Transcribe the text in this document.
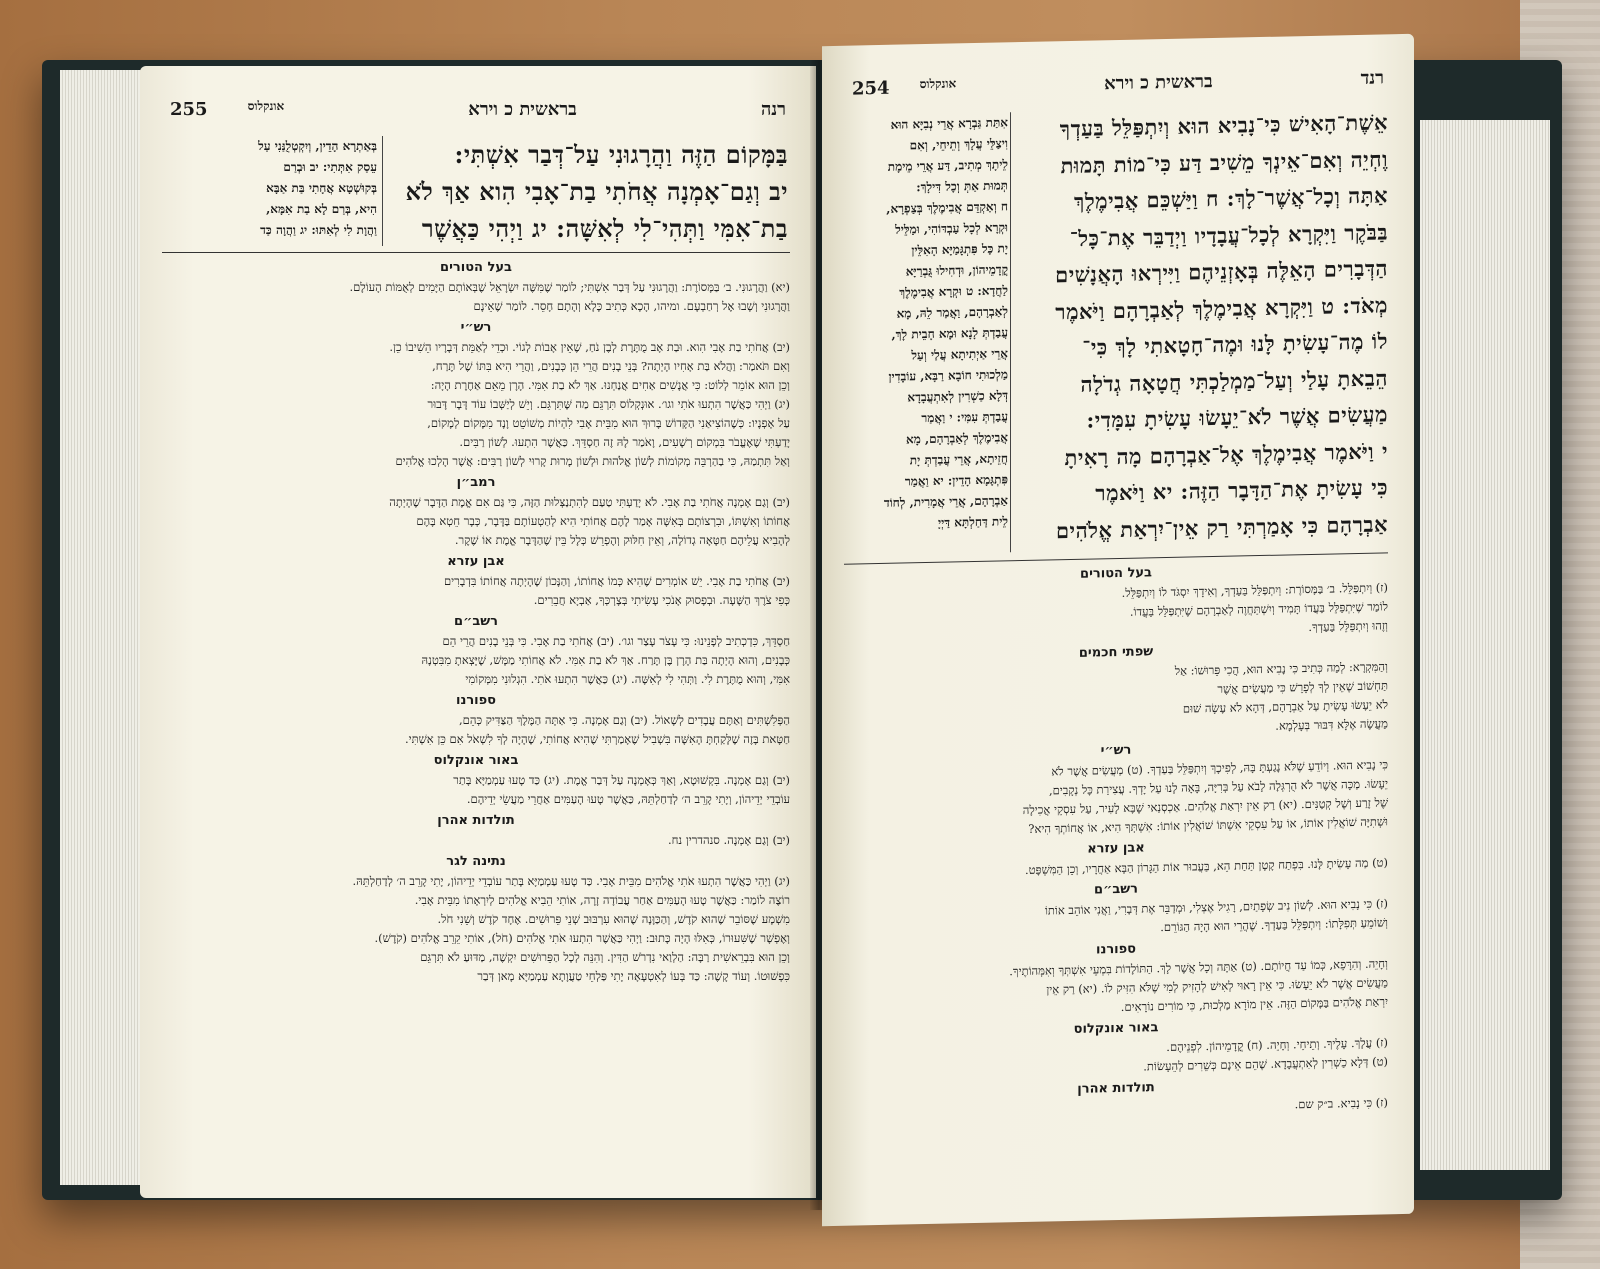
רנה
בראשית כ וירא
אונקלוס
255
בַּמָּקוֹם הַזֶּה וַהֲרָגוּנִי עַל־דְּבַר אִשְׁתִּי:
יב וְגַם־אָמְנָה אֲחֹתִי בַת־אָבִי הִוא אַךְ לֹא
בַת־אִמִּי וַתְּהִי־לִי לְאִשָּׁה: יג וַיְהִי כַּאֲשֶׁר
בְּאַתְרָא הָדֵין, וְיִקְטְלֻנַּנִי עַל
עֵסַק אִתְּתִי: יב וּבְרַם
בְּקוּשְׁטָא אֲחָתִי בַּת אַבָּא
הִיא, בְּרַם לָא בַת אִמָּא,
וַהֲוָת לִי לְאִתּוּ: יג וַהֲוָה כַּד
בעל הטורים
(יא) וַהֲרָגוּנִי. ב׳ בַּמָּסוֹרֶת: וַהֲרָגוּנִי עַל דְּבַר אִשְׁתִּי; לוֹמַר שֶׁמִּשֶּׁה יִשְׂרָאֵל שֶׁבְּאוֹתָם הַיָּמִים לְאֻמּוֹת הָעוֹלָם.
וַהֲרָגוּנִי וְשָׁבוּ אֶל רְחַבְעָם. ומיהו, הָכָא כְּתִיב כָּלָא וְהָתָם חָסֵר. לוֹמַר שֶׁאֵינָם
רש״י
(יב) אֲחֹתִי בַת אָבִי הִוא. וּבַת אָב מֻתֶּרֶת לְבֶן נֹחַ, שֶׁאֵין אָבוֹת לְגוֹי. וּכְדֵי לְאַמֵּת דְּבָרָיו הֵשִׁיבוֹ כֵן.
וְאִם תֹּאמַר: וַהֲלֹא בַּת אָחִיו הָיְתָה? בְּנֵי בָנִים הֲרֵי הֵן כְּבָנִים, וַהֲרֵי הִיא בִּתּוֹ שֶׁל תֶּרַח,
וְכֵן הוּא אוֹמֵר לְלוֹט: כִּי אֲנָשִׁים אַחִים אֲנַחְנוּ. אַךְ לֹא בַת אִמִּי. הָרָן מֵאֵם אַחֶרֶת הָיָה:
(יג) וַיְהִי כַּאֲשֶׁר הִתְעוּ אֹתִי וגו׳. אוּנְקְלוֹס תִּרְגֵּם מַה שֶּׁתִּרְגֵּם. וְיֵשׁ לְיַשְּׁבוֹ עוֹד דָּבָר דָּבוּר
עַל אָפְנָיו: כְּשֶׁהוֹצִיאַנִי הַקָּדוֹשׁ בָּרוּךְ הוּא מִבֵּית אָבִי לִהְיוֹת מְשׁוֹטֵט וָנָד מִמָּקוֹם לְמָקוֹם,
יָדַעְתִּי שֶׁאֶעֱבֹר בִּמְקוֹם רְשָׁעִים, וָאֹמַר לָהּ זֶה חַסְדֵּךְ. כַּאֲשֶׁר הִתְעוּ. לְשׁוֹן רַבִּים.
וְאַל תִּתְמַהּ, כִּי בַהַרְבֵּה מְקוֹמוֹת לְשׁוֹן אֱלֹהוּת וּלְשׁוֹן מָרוּת קָרוּי לְשׁוֹן רַבִּים: אֲשֶׁר הָלְכוּ אֱלֹהִים
רמב״ן
(יב) וְגַם אָמְנָה אֲחֹתִי בַת אָבִי. לֹא יָדַעְתִּי טַעַם לְהִתְנַצְּלוּת הַזֶּה, כִּי גַּם אִם אֱמֶת הַדָּבָר שֶׁהָיְתָה
אֲחוֹתוֹ וְאִשְׁתּוֹ, וּבִרְצוֹתָם בְּאִשָּׁה אָמַר לָהֶם אֲחוֹתִי הִיא לְהַטְעוֹתָם בַּדָּבָר, כְּבָר חֵטְא בָּהֶם
לְהָבִיא עֲלֵיהֶם חַטָּאָה גְדוֹלָה, וְאֵין חִלּוּק וְהֶפְרֵשׁ כְּלָל בֵּין שֶׁהַדָּבָר אֱמֶת אוֹ שֶׁקֶר.
אבן עזרא
(יב) אֲחֹתִי בַת אָבִי. יֵשׁ אוֹמְרִים שֶׁהִיא כְּמוֹ אֲחוֹתוֹ, וְהַנָּכוֹן שֶׁהָיְתָה אֲחוֹתוֹ בִּדְבָרִים
כְּפִי צֹרֶךְ הַשָּׁעָה. וּבְפָסוּק אָנֹכִי עָשִׂיתִי בְּצָרְכְּךָ, אַבְיָא חֲבֵרִים.
רשב״ם
חַסְדֵּךְ, כִּדְכְתִיב לְפָנֵינוּ: כִּי עָצֹר עָצַר וגו׳. (יב) אֲחֹתִי בַת אָבִי. כִּי בְּנֵי בָנִים הֲרֵי הֵם
כְּבָנִים, וְהוּא הָיְתָה בַּת הָרָן בֶּן תֶּרַח. אַךְ לֹא בַת אִמִּי. לֹא אֲחוֹתִי מַמָּשׁ, שֶׁיָּצְאתָ מִבִּטְנָהּ
אִמִּי, וְהוּא מֻתֶּרֶת לִי. וַתְּהִי לִי לְאִשָּׁה. (יג) כַּאֲשֶׁר הִתְעוּ אֹתִי. הִגְלוּנִי מִמְּקוֹמִי
ספורנו
הַפְּלִשְׁתִּים וְאַתֶּם עֲבָדִים לְשָׁאוֹל. (יב) וְגַם אָמְנָה. כִּי אַתָּה הַמֶּלֶךְ הַצַּדִּיק כְּהֵם,
חַטָּאת בָּזֶה שֶׁלָּקַחְתָּ הָאִשָּׁה בִּשְׁבִיל שֶׁאָמַרְתִּי שֶׁהִיא אֲחוֹתִי, שֶׁהָיָה לְךָ לִשְׁאֹל אִם כֵּן אִשְׁתִּי.
באור אונקלוס
(יב) וְגַם אָמְנָה. בִּקְשׁוּטָא, וְאַךְ כְּאָמְנָה עַל דְּבַר אֱמֶת. (יג) כַּד טָעוּ עַמְמַיָּא בָּתַר
עוֹבְדֵי יְדֵיהוֹן, וְיָתִי קָרֵב ה׳ לְדַחַלְתֵּהּ, כַּאֲשֶׁר טָעוּ הָעַמִּים אַחֲרֵי מַעֲשֵׂי יְדֵיהֶם.
תולדות אהרן
(יב) וְגַם אָמְנָה. סנהדרין נח.
נתינה לגר
(יג) וַיְהִי כַּאֲשֶׁר הִתְעוּ אֹתִי אֱלֹהִים מִבֵּית אָבִי. כַּד טָעוּ עַמְמַיָּא בָּתַר עוֹבְדֵי יְדֵיהוֹן, יָתִי קָרֵב ה׳ לְדַחַלְתֵּהּ.
רוֹצֶה לוֹמַר: כַּאֲשֶׁר טָעוּ הָעַמִּים אַחַר עֲבוֹדָה זָרָה, אוֹתִי הֵבִיא אֱלֹהִים לְיִרְאָתוֹ מִבֵּית אָבִי.
מִשְׁמָע שֶׁסּוֹבֵר שֶׁהוּא קֹדֶשׁ, וְהַכַּוָּנָה שֶׁהוּא עִרְבּוּב שְׁנֵי פֵּרוּשִׁים. אֶחָד קֹדֶשׁ וְשֵׁנִי חֹל.
וְאֶפְשָׁר שֶׁשִּׁעוּרוֹ, כְּאִלּוּ הָיָה כָּתוּב: וַיְהִי כַּאֲשֶׁר הִתְעוּ אֹתִי אֱלֹהִים (חֹל), אוֹתִי קֵרֵב אֱלֹהִים (קֹדֶשׁ).
וְכֵן הוּא בִּבְרֵאשִׁית רַבָּה: הַלְוַאי נִדְרֹשׁ הַדִּין. וְהִנֵּה לְכָל הַפֵּרוּשִׁים יִקְשֶׁה, מַדּוּעַ לֹא תִּרְגֵּם
כִּפְשׁוּטוֹ. וְעוֹד קָשֶׁה: כַּד בְּעוֹ לְאִטְעָאָה יָתִי פַּלְחֵי טַעֲוָתָא עַמְמַיָּא מָאן דְּבַר
רנד
בראשית כ וירא
אונקלוס
254
אֵשֶׁת־הָאִישׁ כִּי־נָבִיא הוּא וְיִתְפַּלֵּל בַּעַדְךָ
וֶחְיֵה וְאִם־אֵינְךָ מֵשִׁיב דַּע כִּי־מוֹת תָּמוּת
אַתָּה וְכָל־אֲשֶׁר־לָךְ: ח וַיַּשְׁכֵּם אֲבִימֶלֶךְ
בַּבֹּקֶר וַיִּקְרָא לְכָל־עֲבָדָיו וַיְדַבֵּר אֶת־כָּל־
הַדְּבָרִים הָאֵלֶּה בְּאָזְנֵיהֶם וַיִּירְאוּ הָאֲנָשִׁים
מְאֹד: ט וַיִּקְרָא אֲבִימֶלֶךְ לְאַבְרָהָם וַיֹּאמֶר
לוֹ מֶה־עָשִׂיתָ לָּנוּ וּמֶה־חָטָאתִי לָךְ כִּי־
הֵבֵאתָ עָלַי וְעַל־מַמְלַכְתִּי חֲטָאָה גְדֹלָה
מַעֲשִׂים אֲשֶׁר לֹא־יֵעָשׂוּ עָשִׂיתָ עִמָּדִי:
י וַיֹּאמֶר אֲבִימֶלֶךְ אֶל־אַבְרָהָם מָה רָאִיתָ
כִּי עָשִׂיתָ אֶת־הַדָּבָר הַזֶּה: יא וַיֹּאמֶר
אַבְרָהָם כִּי אָמַרְתִּי רַק אֵין־יִרְאַת אֱלֹהִים
אִתַּת גַּבְרָא אֲרֵי נְבִיָּא הוּא
וִיצַלֵּי עֲלָךְ וְתֵיחֵי, וְאִם
לֵיתָךְ מְתִיב, דַּע אֲרֵי מֵימָת
תְּמוּת אַתְּ וְכָל דִּילָךְ:
ח וְאַקְדֵּם אֲבִימֶלֶךְ בְּצַפְרָא,
וּקְרָא לְכָל עַבְדּוֹהִי, וּמַלֵּיל
יָת כָּל פִּתְגָּמַיָּא הָאִלֵּין
קֳדָמֵיהוֹן, וּדְחִילוּ גֻּבְרַיָּא
לַחֲדָא: ט וּקְרָא אֲבִימֶלֶךְ
לְאַבְרָהָם, וַאֲמַר לֵהּ, מָא
עֲבַדְתְּ לָנָא וּמָא חָבֵית לָךְ,
אֲרֵי אַיְתִיתָא עֲלַי וְעַל
מַלְכוּתִי חוֹבָא רַבָּא, עוֹבָדִין
דְּלָא כַשְׁרִין לְאִתְעֲבָדָא
עֲבַדְתְּ עִמִּי: י וַאֲמַר
אֲבִימֶלֶךְ לְאַבְרָהָם, מָא
חֲזֵיתָא, אֲרֵי עֲבַדְתְּ יָת
פִּתְגָּמָא הָדֵין: יא וַאֲמַר
אַבְרָהָם, אֲרֵי אֲמָרִית, לְחוֹד
לֵית דַּחַלְתָּא דַּיְיָ
בעל הטורים
(ז) וְיִתְפַּלֵּל. ב׳ בַּמָּסוֹרֶת: וְיִתְפַּלֵּל בַּעַדְךָ, וְאִידָךְ יִסְגֹּד לוֹ וְיִתְפַּלֵּל.
לוֹמַר שֶׁיִּתְפַּלֵּל בַּעֲדוֹ תָּמִיד וְיִשְׁתַּחֲוֶה לְאַבְרָהָם שֶׁיִּתְפַּלֵּל בַּעֲדוֹ.
וְזֶהוּ וְיִתְפַּלֵּל בַּעַדְךָ.
שפתי חכמים
וְהַמִּקְרָא: לְמַה כְּתִיב כִּי נָבִיא הוּא, הֲכִי פֵּרוּשׁוֹ: אַל
תַּחְשׁוֹב שֶׁאֵין לְךָ לְפָרֵשׁ כִּי מַעֲשִׂים אֲשֶׁר
לֹא יֵעָשׂוּ עָשִׂיתָ עַל אַבְרָהָם, דְּהָא לֹא עָשָׂה שׁוּם
מַעֲשֶׂה אֶלָּא דִּבּוּר בְּעָלְמָא.
רש״י
כִּי נָבִיא הוּא. וְיוֹדֵעַ שֶׁלֹּא נָגַעְתָּ בָּהּ, לְפִיכָךְ וְיִתְפַּלֵּל בַּעַדְךָ. (ט) מַעֲשִׂים אֲשֶׁר לֹא
יֵעָשׂוּ. מַכָּה אֲשֶׁר לֹא הֻרְגְּלָה לָבֹא עַל בְּרִיָּה, בָּאָה לָנוּ עַל יָדְךָ. עֲצִירַת כָּל נְקָבִים,
שֶׁל זֶרַע וְשֶׁל קְטַנִּים. (יא) רַק אֵין יִרְאַת אֱלֹהִים. אַכְסְנַאי שֶׁבָּא לָעִיר, עַל עִסְקֵי אֲכִילָה
וּשְׁתִיָּה שׁוֹאֲלִין אוֹתוֹ, אוֹ עַל עִסְקֵי אִשְׁתּוֹ שׁוֹאֲלִין אוֹתוֹ: אִשְׁתְּךָ הִיא, אוֹ אֲחוֹתְךָ הִיא?
אבן עזרא
(ט) מַה עָשִׂיתָ לָּנוּ. בִּפְתַח קָטָן תַּחַת הֵא, בַּעֲבוּר אוֹת הַגָּרוֹן הַבָּא אַחֲרָיו, וְכֵן הַמִּשְׁפָּט.
רשב״ם
(ז) כִּי נָבִיא הוּא. לְשׁוֹן נִיב שְׂפָתַיִם, רָגִיל אֶצְלִי, וּמְדַבֵּר אֶת דְּבָרִי, וַאֲנִי אוֹהֵב אוֹתוֹ
וְשׁוֹמֵעַ תְּפִלָּתוֹ: וְיִתְפַּלֵּל בַּעַדְךָ. שֶׁהֲרֵי הוּא הָיָה הַגּוֹרֵם.
ספורנו
וְחָיֵה. וְהִרָּפֵא, כְּמוֹ עַד חֲיוֹתָם. (ט) אַתָּה וְכָל אֲשֶׁר לָךְ. הַתּוֹלָדוֹת בִּמְעֵי אִשְׁתְּךָ וְאִמְּהוֹתֶיךָ.
מַעֲשִׂים אֲשֶׁר לֹא יֵעָשׂוּ. כִּי אֵין רָאוּי לְאִישׁ לְהָזִיק לְמִי שֶׁלֹּא הִזִּיק לוֹ. (יא) רַק אֵין
יִרְאַת אֱלֹהִים בַּמָּקוֹם הַזֶּה. אֵין מוֹרָא מַלְכוּת, כִּי מוֹרִים נוֹרָאִים.
באור אונקלוס
(ז) עֲלָךְ. עָלֶיךָ. וְתֵיחֵי. וְחָיֵה. (ח) קֳדָמֵיהוֹן. לִפְנֵיהֶם.
(ט) דְּלָא כַשְׁרִין לְאִתְעֲבָדָא. שֶׁהֵם אֵינָם כְּשֵׁרִים לְהֵעָשׂוֹת.
תולדות אהרן
(ז) כִּי נָבִיא. ב״ק שם.
